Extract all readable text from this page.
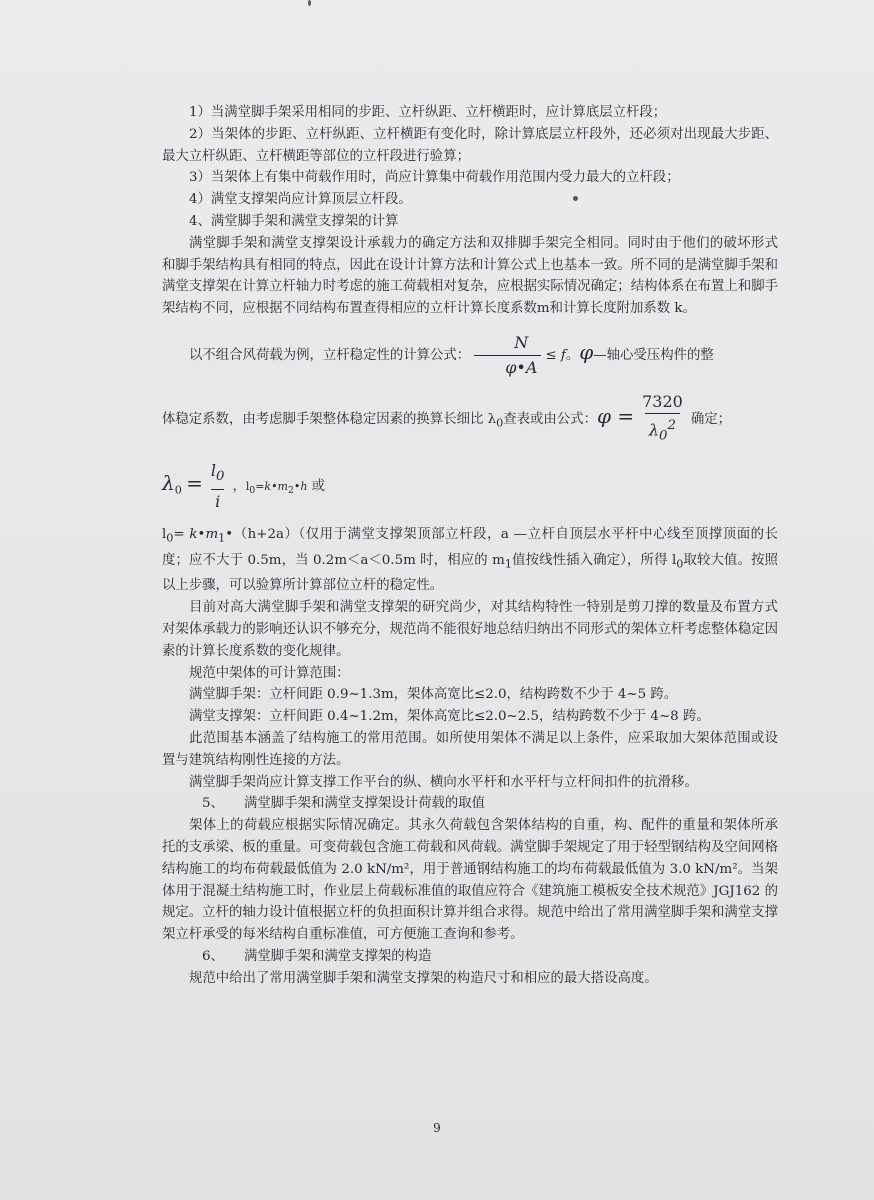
1）当满堂脚手架采用相同的步距、立杆纵距、立杆横距时，应计算底层立杆段；

2）当架体的步距、立杆纵距、立杆横距有变化时，除计算底层立杆段外，还必须对出现最大步距、最大立杆纵距、立杆横距等部位的立杆段进行验算；

3）当架体上有集中荷载作用时，尚应计算集中荷载作用范围内受力最大的立杆段；

4）满堂支撑架尚应计算顶层立杆段。

4、满堂脚手架和满堂支撑架的计算

满堂脚手架和满堂支撑架设计承载力的确定方法和双排脚手架完全相同。同时由于他们的破坏形式和脚手架结构具有相同的特点，因此在设计计算方法和计算公式上也基本一致。所不同的是满堂脚手架和满堂支撑架在计算立杆轴力时考虑的施工荷载相对复杂，应根据实际情况确定；结构体系在布置上和脚手架结构不同，应根据不同结构布置查得相应的立杆计算长度系数m和计算长度附加系数 k。

以不组合风荷载为例，立杆稳定性的计算公式： $\frac{N}{\varphi•A} \le f$。φ—轴心受压构件的整

体稳定系数，由考虑脚手架整体稳定因素的换算长细比 $\lambda_0$查表或由公式：$\varphi = \frac{7320}{\lambda_0^2}$ 确定；

$\lambda_0 = \frac{l_0}{i}$ ，$l_0=k•m_2•h$ 或

$l_0=$ $k•m_1•(h+2a)$（仅用于满堂支撑架顶部立杆段，a —立杆自顶层水平杆中心线至顶撑顶面的长度；应不大于 0.5m，当 0.2m＜a＜0.5m 时，相应的 $m_1$值按线性插入确定），所得 $l_0$取较大值。按照以上步骤，可以验算所计算部位立杆的稳定性。

目前对高大满堂脚手架和满堂支撑架的研究尚少，对其结构特性一特别是剪刀撑的数量及布置方式对架体承载力的影响还认识不够充分，规范尚不能很好地总结归纳出不同形式的架体立杆考虑整体稳定因素的计算长度系数的变化规律。

规范中架体的可计算范围：

满堂脚手架：立杆间距 0.9~1.3m，架体高宽比≤2.0，结构跨数不少于 4~5 跨。

满堂支撑架：立杆间距 0.4~1.2m，架体高宽比≤2.0~2.5，结构跨数不少于 4~8 跨。

此范围基本涵盖了结构施工的常用范围。如所使用架体不满足以上条件，应采取加大架体范围或设置与建筑结构刚性连接的方法。

满堂脚手架尚应计算支撑工作平台的纵、横向水平杆和水平杆与立杆间扣件的抗滑移。

5、　　满堂脚手架和满堂支撑架设计荷载的取值

架体上的荷载应根据实际情况确定。其永久荷载包含架体结构的自重，构、配件的重量和架体所承托的支承梁、板的重量。可变荷载包含施工荷载和风荷载。满堂脚手架规定了用于轻型钢结构及空间网格结构施工的均布荷载最低值为 2.0 kN/m²，用于普通钢结构施工的均布荷载最低值为 3.0 kN/m²。当架体用于混凝土结构施工时，作业层上荷载标准值的取值应符合《建筑施工模板安全技术规范》JGJ162 的规定。立杆的轴力设计值根据立杆的负担面积计算并组合求得。规范中给出了常用满堂脚手架和满堂支撑架立杆承受的每米结构自重标准值，可方便施工查询和参考。

6、　　满堂脚手架和满堂支撑架的构造

规范中给出了常用满堂脚手架和满堂支撑架的构造尺寸和相应的最大搭设高度。

9
